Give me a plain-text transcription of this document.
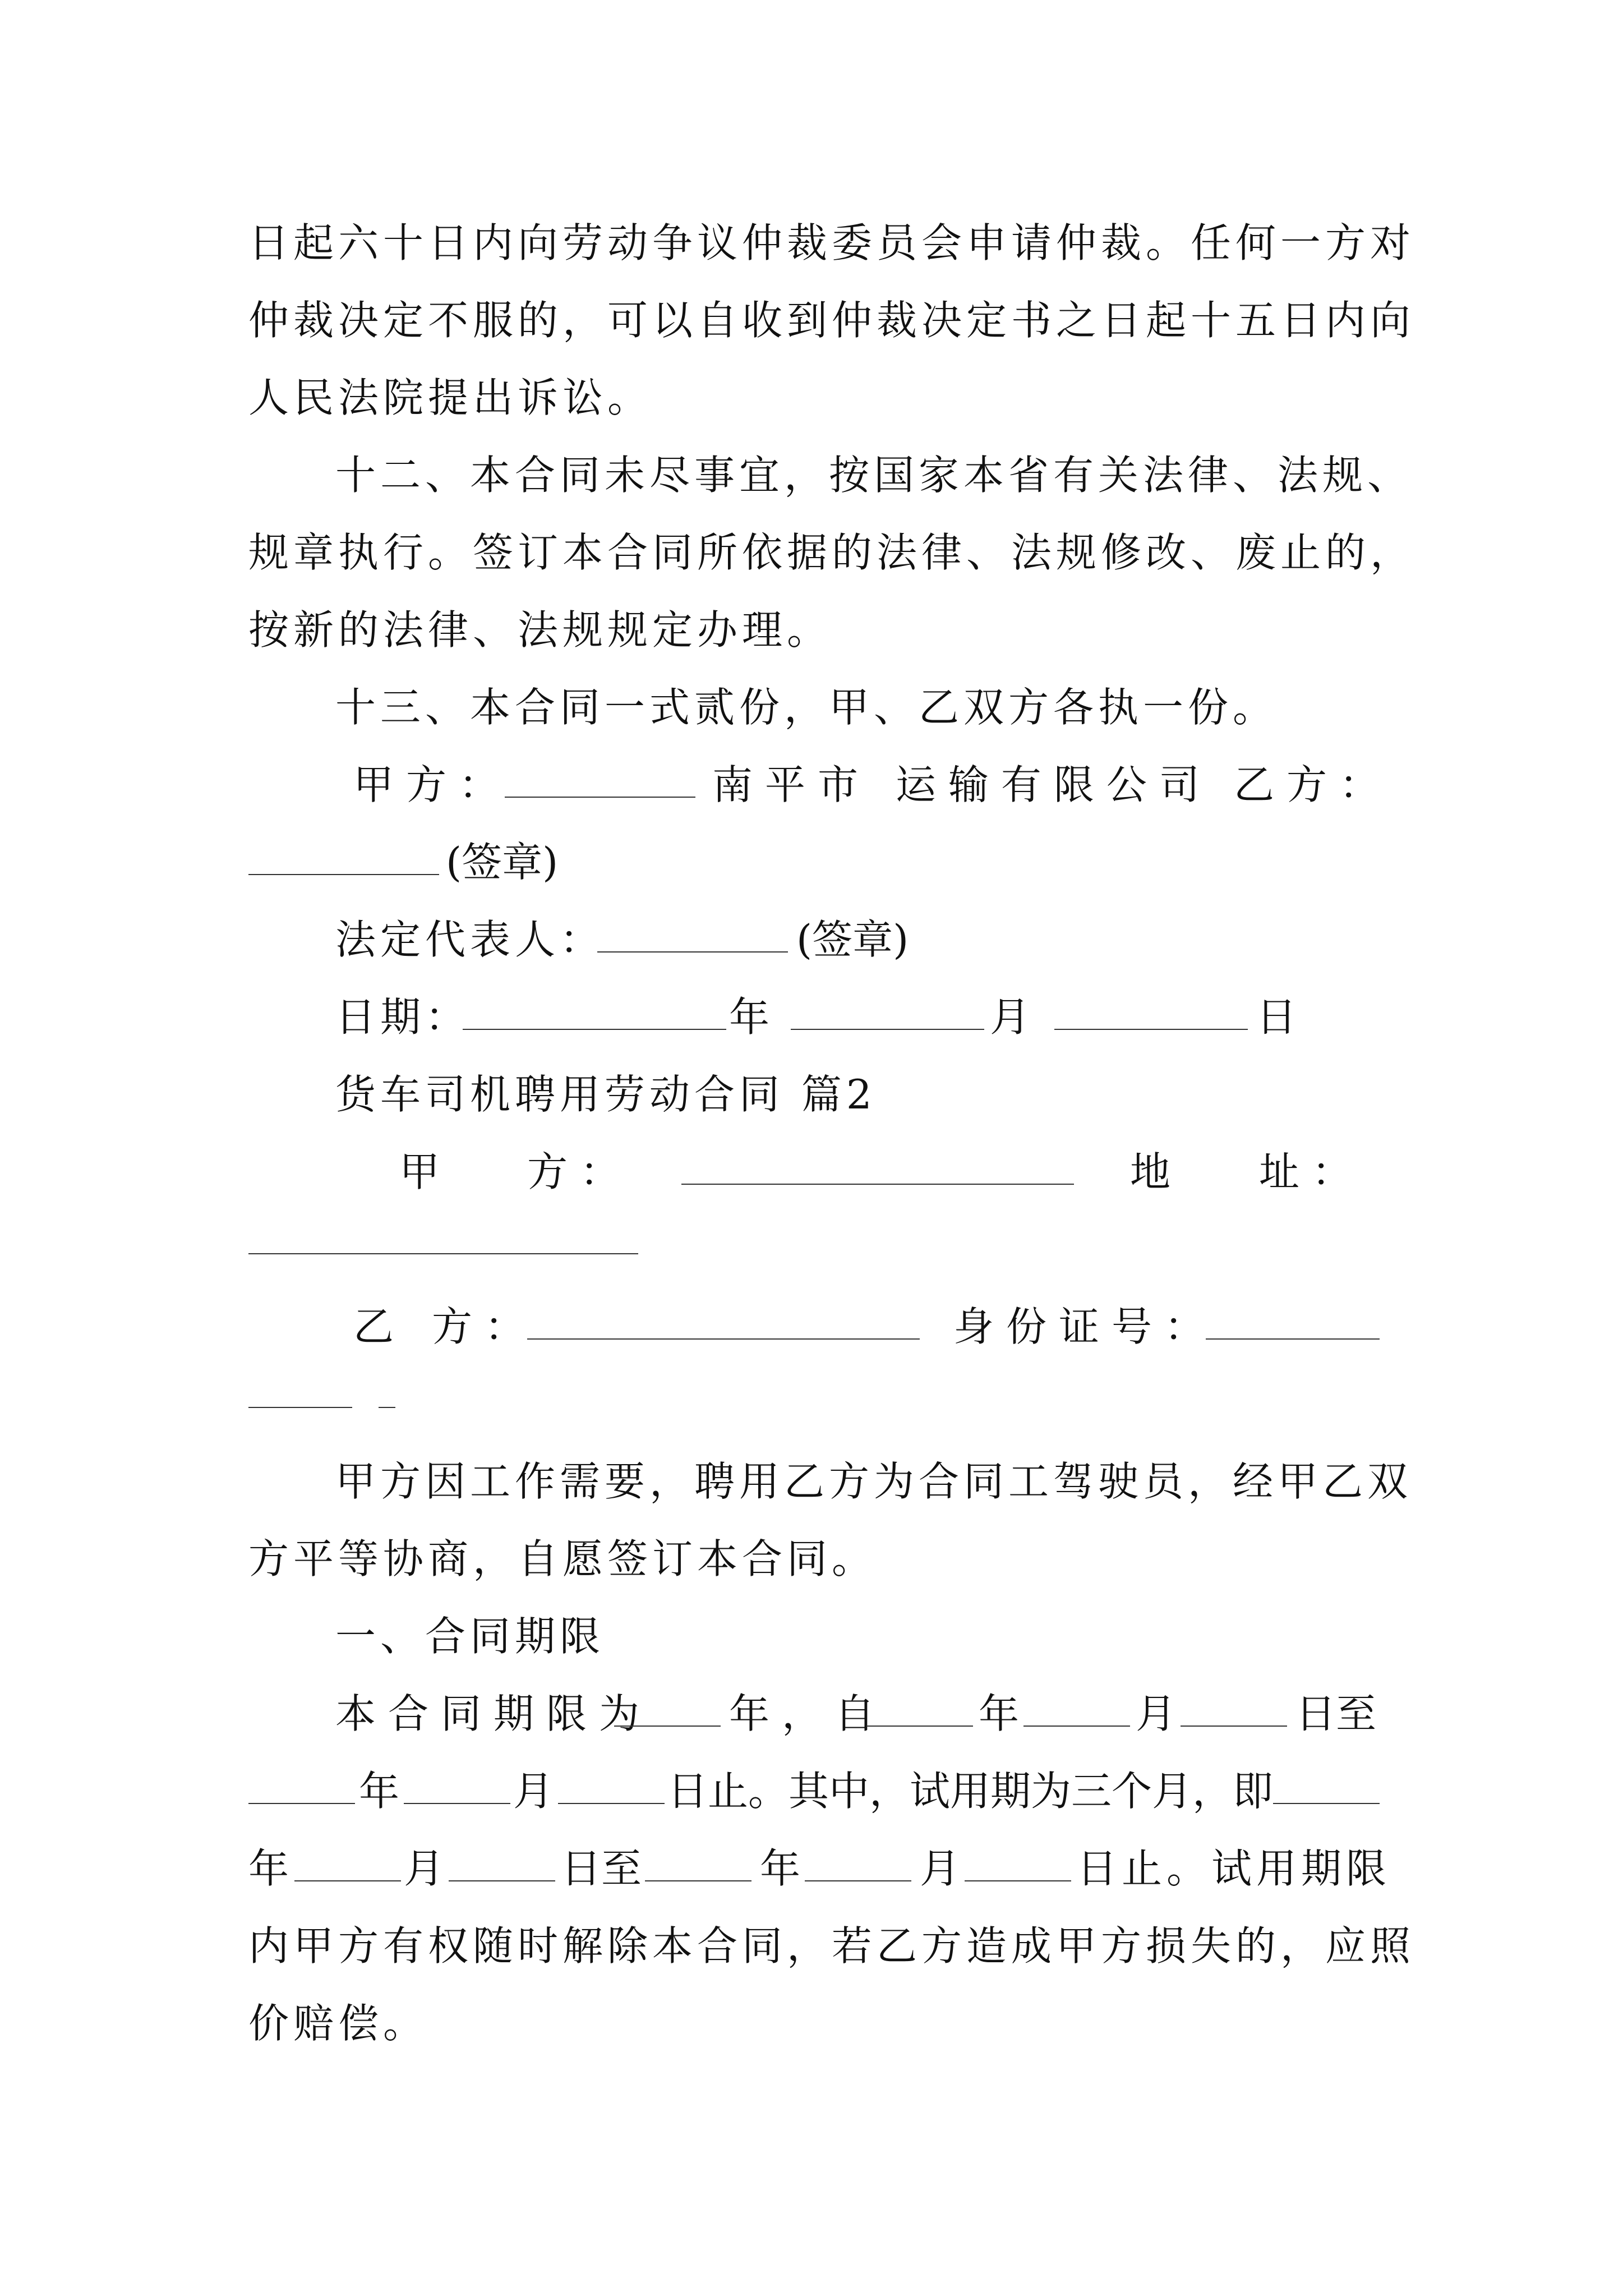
日起六十日内向劳动争议仲裁委员会申请仲裁。任何一方对
仲裁决定不服的，可以自收到仲裁决定书之日起十五日内向
人民法院提出诉讼。
十二、本合同未尽事宜，按国家本省有关法律、法规、
规章执行。签订本合同所依据的法律、法规修改、废止的，
按新的法律、法规规定办理。
十三、本合同一式贰份，甲、乙双方各执一份。
甲方：	南平市 运输有限公司 乙方：
(签章)
法定代表人：	(签章)
日期：	年	月	日
货车司机聘用劳动合同 篇2
甲 方：	地 址：
乙 方：	身份证号：
甲方因工作需要，聘用乙方为合同工驾驶员，经甲乙双
方平等协商，自愿签订本合同。
一、合同期限
本合同期限为 年，自 年	月	日至
年	月	日止。其中，试用期为三个月，即
年	月	日至	年	月	日止。试用期限
内甲方有权随时解除本合同，若乙方造成甲方损失的，应照
价赔偿。
